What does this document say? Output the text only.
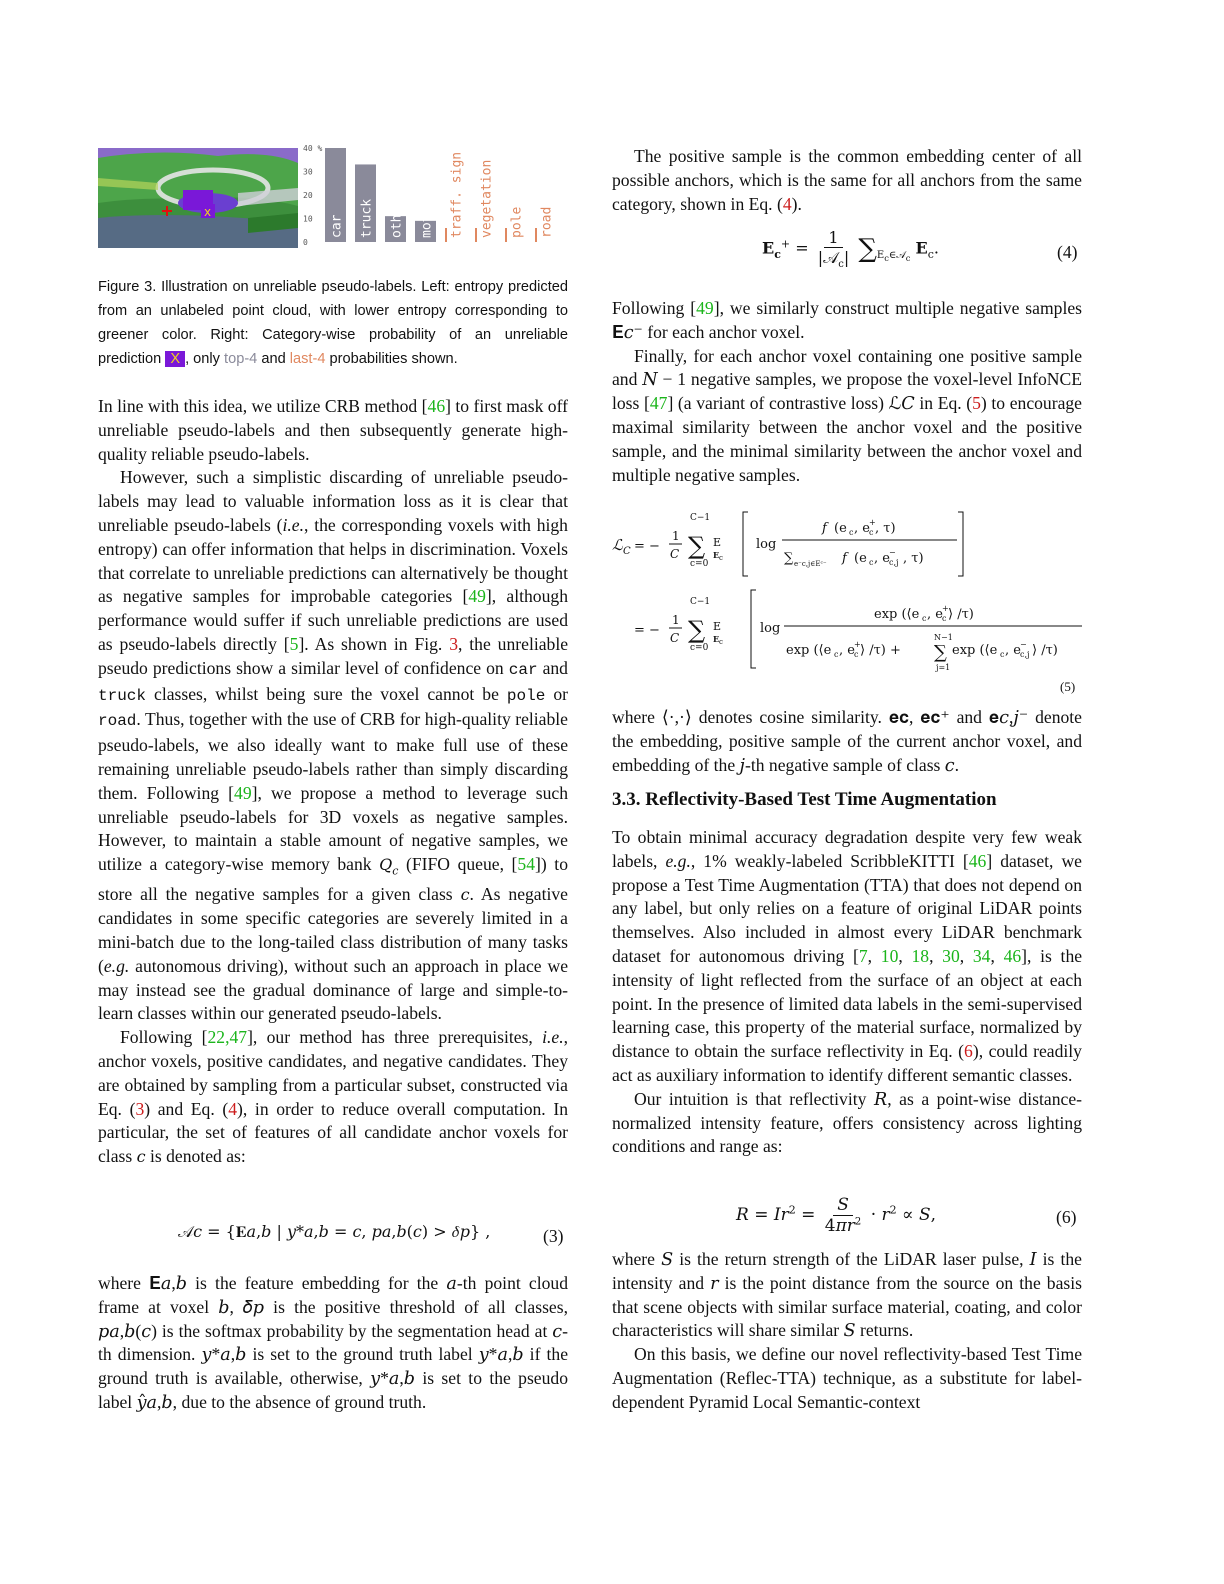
x
40 %
30
20
10
0
car truck oth. veh. motorcyc. traff. sign vegetation pole road
Figure 3. Illustration on unreliable pseudo-labels. Left: entropy predicted from an unlabeled point cloud, with lower entropy corresponding to greener color. Right: Category-wise probability of an unreliable prediction X , only top-4 and last-4 probabilities shown.

In line with this idea, we utilize CRB method [46] to first mask off unreliable pseudo-labels and then subsequently generate high-quality reliable pseudo-labels.

However, such a simplistic discarding of unreliable pseudo-labels may lead to valuable information loss as it is clear that unreliable pseudo-labels (i.e., the corresponding voxels with high entropy) can offer information that helps in discrimination. Voxels that correlate to unreliable predictions can alternatively be thought as negative samples for improbable categories [49], although performance would suffer if such unreliable predictions are used as pseudo-labels directly [5]. As shown in Fig. 3, the unreliable pseudo predictions show a similar level of confidence on car and truck classes, whilst being sure the voxel cannot be pole or road. Thus, together with the use of CRB for high-quality reliable pseudo-labels, we also ideally want to make full use of these remaining unreliable pseudo-labels rather than simply discarding them. Following [49], we propose a method to leverage such unreliable pseudo-labels for 3D voxels as negative samples. However, to maintain a stable amount of negative samples, we utilize a category-wise memory bank $Q_c$ (FIFO queue, [54]) to store all the negative samples for a given class c. As negative candidates in some specific categories are severely limited in a mini-batch due to the long-tailed class distribution of many tasks (e.g. autonomous driving), without such an approach in place we may instead see the gradual dominance of large and simple-to-learn classes within our generated pseudo-labels.

Following [22,47], our method has three prerequisites, i.e., anchor voxels, positive candidates, and negative candidates. They are obtained by sampling from a particular subset, constructed via Eq. (3) and Eq. (4), in order to reduce overall computation. In particular, the set of features of all candidate anchor voxels for class c is denoted as:

𝒜𝑐 = {𝐄𝑎,𝑏 | 𝑦*𝑎,𝑏 = 𝑐, 𝑝𝑎,𝑏(𝑐) > 𝛿𝑝} ,	(3)

where 𝐄𝑎,𝑏 is the feature embedding for the 𝑎-th point cloud frame at voxel 𝑏, 𝛿𝑝 is the positive threshold of all classes, 𝑝𝑎,𝑏(𝑐) is the softmax probability by the segmentation head at 𝑐-th dimension. 𝑦*𝑎,𝑏 is set to the ground truth label 𝑦*𝑎,𝑏 if the ground truth is available, otherwise, 𝑦*𝑎,𝑏 is set to the pseudo label 𝑦̂𝑎,𝑏, due to the absence of ground truth.

The positive sample is the common embedding center of all possible anchors, which is the same for all anchors from the same category, shown in Eq. (4).

$E_c^+ = \frac{1}{|𝒜_c|} \sum_{E_c\in 𝒜_c}$ $E_c$.	(4)

Following [49], we similarly construct multiple negative samples 𝐄𝑐⁻ for each anchor voxel.

Finally, for each anchor voxel containing one positive sample and 𝑁 − 1 negative samples, we propose the voxel-level InfoNCE loss [47] (a variant of contrastive loss) ℒ𝐶 in Eq. (5) to encourage maximal similarity between the anchor voxel and the positive sample, and the minimal similarity between the anchor voxel and multiple negative samples.

ℒ C = −
1
C
C−1
∑
c=0
E
E c
log
f (e c , e c
+ , τ)
∑ e⁻c,j∈Eᶜ⁻ f (e c , e c,j
− , τ)
= −
1
C
C−1
∑
c=0
E
E c
log
exp (⟨e c , e c
+ ⟩ /τ)
exp (⟨e c , e c
+ ⟩ /τ) +
N−1
∑
j=1
exp (⟨e c , e c,j
− ⟩ /τ)
(5)

where ⟨·,·⟩ denotes cosine similarity. 𝐞𝐜, 𝐞𝐜⁺ and 𝐞𝑐,𝑗⁻ denote the embedding, positive sample of the current anchor voxel, and embedding of the 𝑗-th negative sample of class 𝑐.

3.3. Reflectivity-Based Test Time Augmentation

To obtain minimal accuracy degradation despite very few weak labels, e.g., 1% weakly-labeled ScribbleKITTI [46] dataset, we propose a Test Time Augmentation (TTA) that does not depend on any label, but only relies on a feature of original LiDAR points themselves. Also included in almost every LiDAR benchmark dataset for autonomous driving [7, 10, 18, 30, 34, 46], is the intensity of light reflected from the surface of an object at each point. In the presence of limited data labels in the semi-supervised learning case, this property of the material surface, normalized by distance to obtain the surface reflectivity in Eq. (6), could readily act as auxiliary information to identify different semantic classes.

Our intuition is that reflectivity 𝑅, as a point-wise distance-normalized intensity feature, offers consistency across lighting conditions and range as:

$R = Ir^2 = \frac{S}{4\pi r^2} \cdot r^2 \propto S$,	(6)

where 𝑆 is the return strength of the LiDAR laser pulse, 𝐼 is the intensity and 𝑟 is the point distance from the source on the basis that scene objects with similar surface material, coating, and color characteristics will share similar 𝑆 returns.

On this basis, we define our novel reflectivity-based Test Time Augmentation (Reflec-TTA) technique, as a substitute for label-dependent Pyramid Local Semantic-context
